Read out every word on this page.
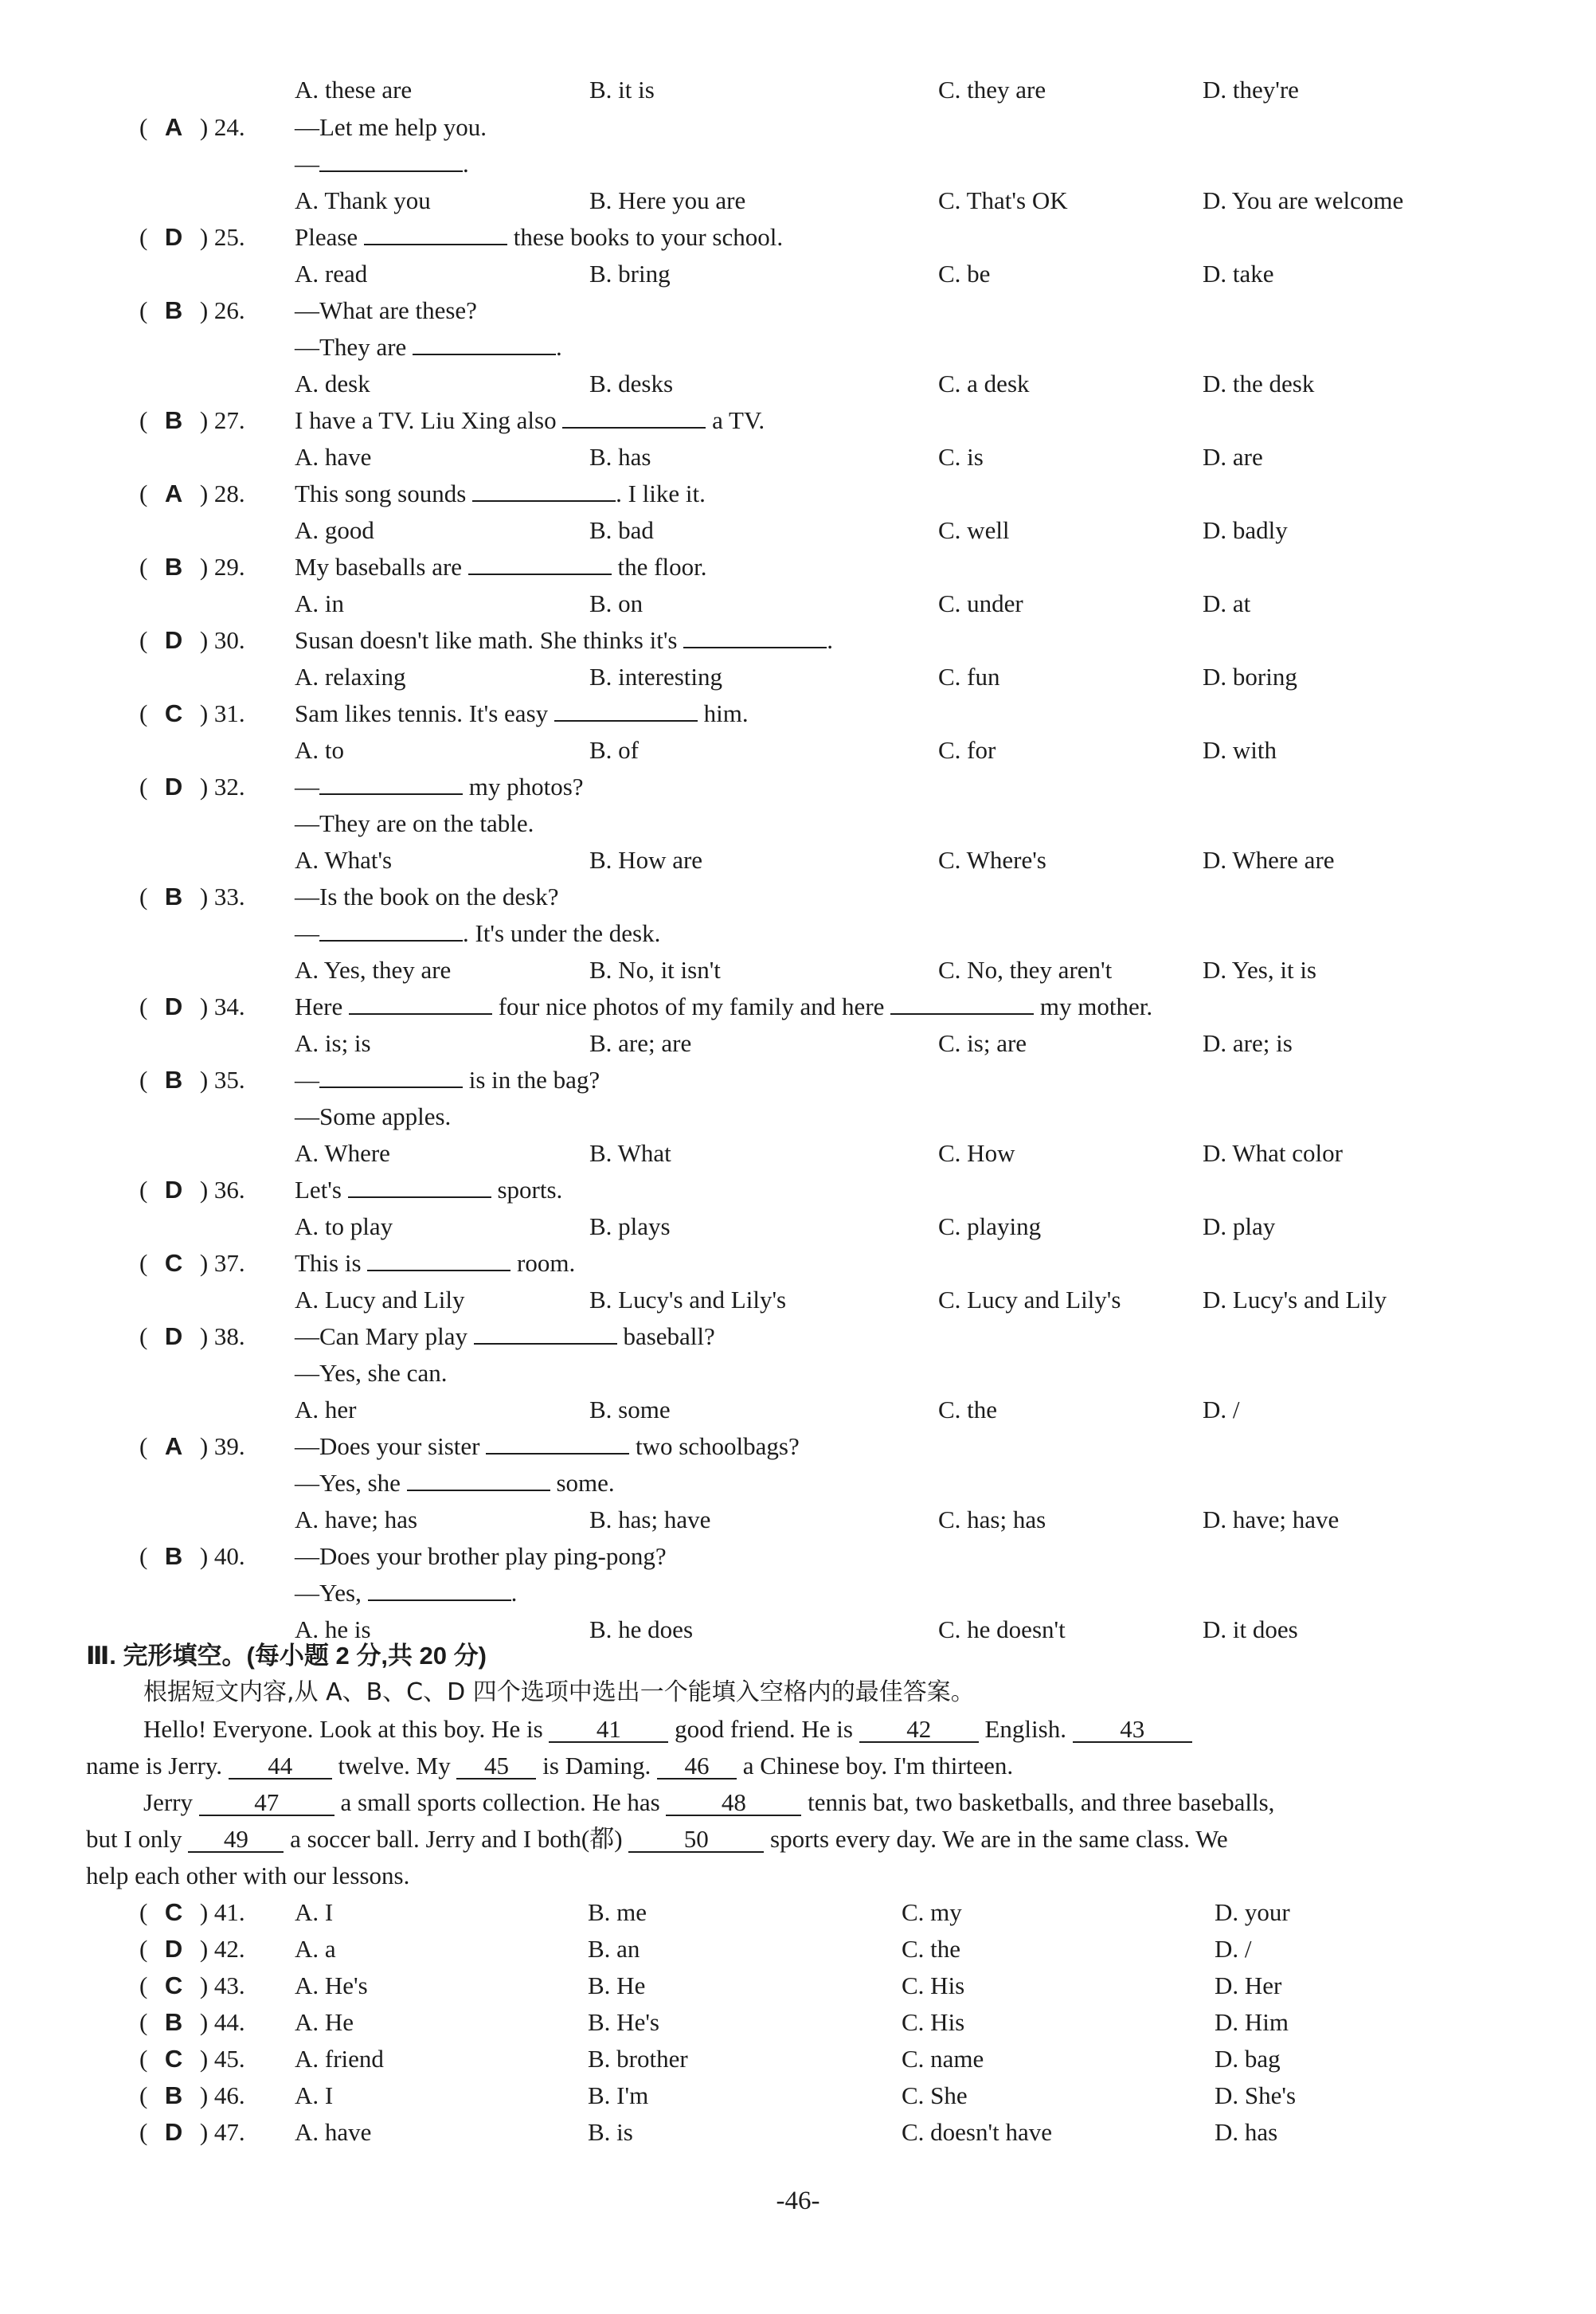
A. these are	B. it is	C. they are	D. they're
( A ) 24.	—Let me help you.
—	.
A. Thank you	B. Here you are	C. That's OK	D. You are welcome
( D ) 25.	Please	these books to your school.
A. read	B. bring	C. be	D. take
( B ) 26.	—What are these?
—They are	.
A. desk	B. desks	C. a desk	D. the desk
( B ) 27.	I have a TV. Liu Xing also	a TV.
A. have	B. has	C. is	D. are
( A ) 28.	This song sounds	. I like it.
A. good	B. bad	C. well	D. badly
( B ) 29.	My baseballs are	the floor.
A. in	B. on	C. under	D. at
( D ) 30.	Susan doesn't like math. She thinks it's	.
A. relaxing	B. interesting	C. fun	D. boring
( C ) 31.	Sam likes tennis. It's easy	him.
A. to	B. of	C. for	D. with
( D ) 32.	—	my photos?
—They are on the table.
A. What's	B. How are	C. Where's	D. Where are
( B ) 33.	—Is the book on the desk?
—	. It's under the desk.
A. Yes, they are	B. No, it isn't	C. No, they aren't	D. Yes, it is
( D ) 34.	Here	four nice photos of my family and here	my mother.
A. is; is	B. are; are	C. is; are	D. are; is
( B ) 35.	—	is in the bag?
—Some apples.
A. Where	B. What	C. How	D. What color
( D ) 36.	Let's	sports.
A. to play	B. plays	C. playing	D. play
( C ) 37.	This is	room.
A. Lucy and Lily	B. Lucy's and Lily's	C. Lucy and Lily's	D. Lucy's and Lily
( D ) 38.	—Can Mary play	baseball?
—Yes, she can.
A. her	B. some	C. the	D. /
( A ) 39.	—Does your sister	two schoolbags?
—Yes, she	some.
A. have; has	B. has; have	C. has; has	D. have; have
( B ) 40.	—Does your brother play ping-pong?
—Yes,	.
A. he is	B. he does	C. he doesn't	D. it does
Ⅲ. 完形填空。(每小题 2 分,共 20 分)
根据短文内容,从 A、B、C、D 四个选项中选出一个能填入空格内的最佳答案。
Hello! Everyone. Look at this boy. He is 41 good friend. He is 42 English. 43
name is Jerry. 44 twelve. My 45 is Daming. 46 a Chinese boy. I'm thirteen.
Jerry 47 a small sports collection. He has 48 tennis bat, two basketballs, and three baseballs,
but I only 49 a soccer ball. Jerry and I both(都) 50 sports every day. We are in the same class. We
help each other with our lessons.
( C ) 41.	A. I	B. me	C. my	D. your
( D ) 42.	A. a	B. an	C. the	D. /
( C ) 43.	A. He's	B. He	C. His	D. Her
( B ) 44.	A. He	B. He's	C. His	D. Him
( C ) 45.	A. friend	B. brother	C. name	D. bag
( B ) 46.	A. I	B. I'm	C. She	D. She's
( D ) 47.	A. have	B. is	C. doesn't have	D. has
-46-
